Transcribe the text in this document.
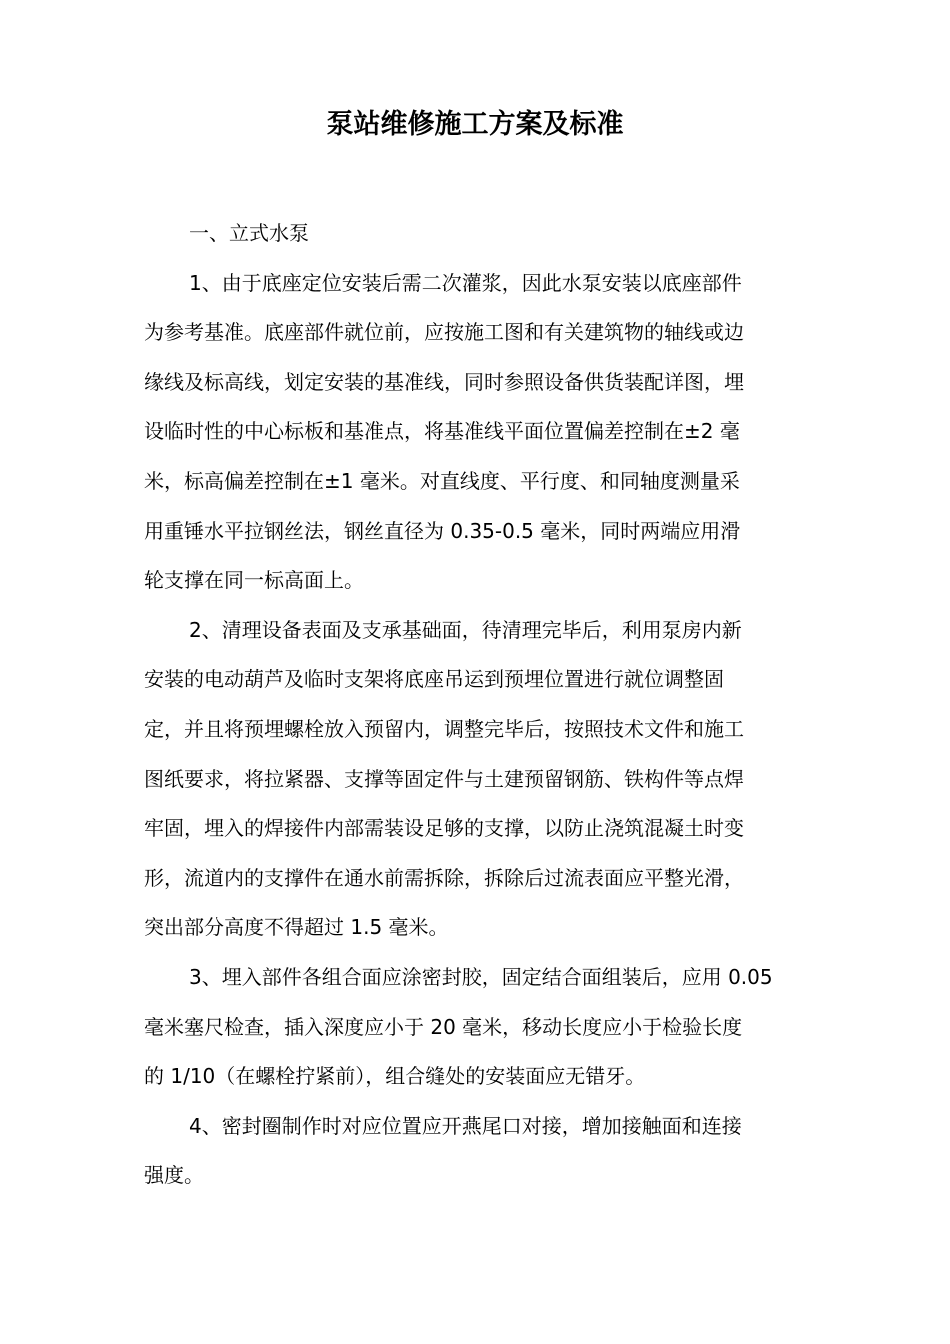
泵站维修施工方案及标准
一、立式水泵
1、由于底座定位安装后需二次灌浆，因此水泵安装以底座部件
为参考基准。底座部件就位前，应按施工图和有关建筑物的轴线或边
缘线及标高线，划定安装的基准线，同时参照设备供货装配详图，埋
设临时性的中心标板和基准点，将基准线平面位置偏差控制在±2 毫
米，标高偏差控制在±1 毫米。对直线度、平行度、和同轴度测量采
用重锤水平拉钢丝法，钢丝直径为 0.35-0.5 毫米，同时两端应用滑
轮支撑在同一标高面上。
2、清理设备表面及支承基础面，待清理完毕后，利用泵房内新
安装的电动葫芦及临时支架将底座吊运到预埋位置进行就位调整固
定，并且将预埋螺栓放入预留内，调整完毕后，按照技术文件和施工
图纸要求，将拉紧器、支撑等固定件与土建预留钢筋、铁构件等点焊
牢固，埋入的焊接件内部需装设足够的支撑，以防止浇筑混凝土时变
形，流道内的支撑件在通水前需拆除，拆除后过流表面应平整光滑，
突出部分高度不得超过 1.5 毫米。
3、埋入部件各组合面应涂密封胶，固定结合面组装后，应用 0.05
毫米塞尺检查，插入深度应小于 20 毫米，移动长度应小于检验长度
的 1/10（在螺栓拧紧前），组合缝处的安装面应无错牙。
4、密封圈制作时对应位置应开燕尾口对接，增加接触面和连接
强度。
